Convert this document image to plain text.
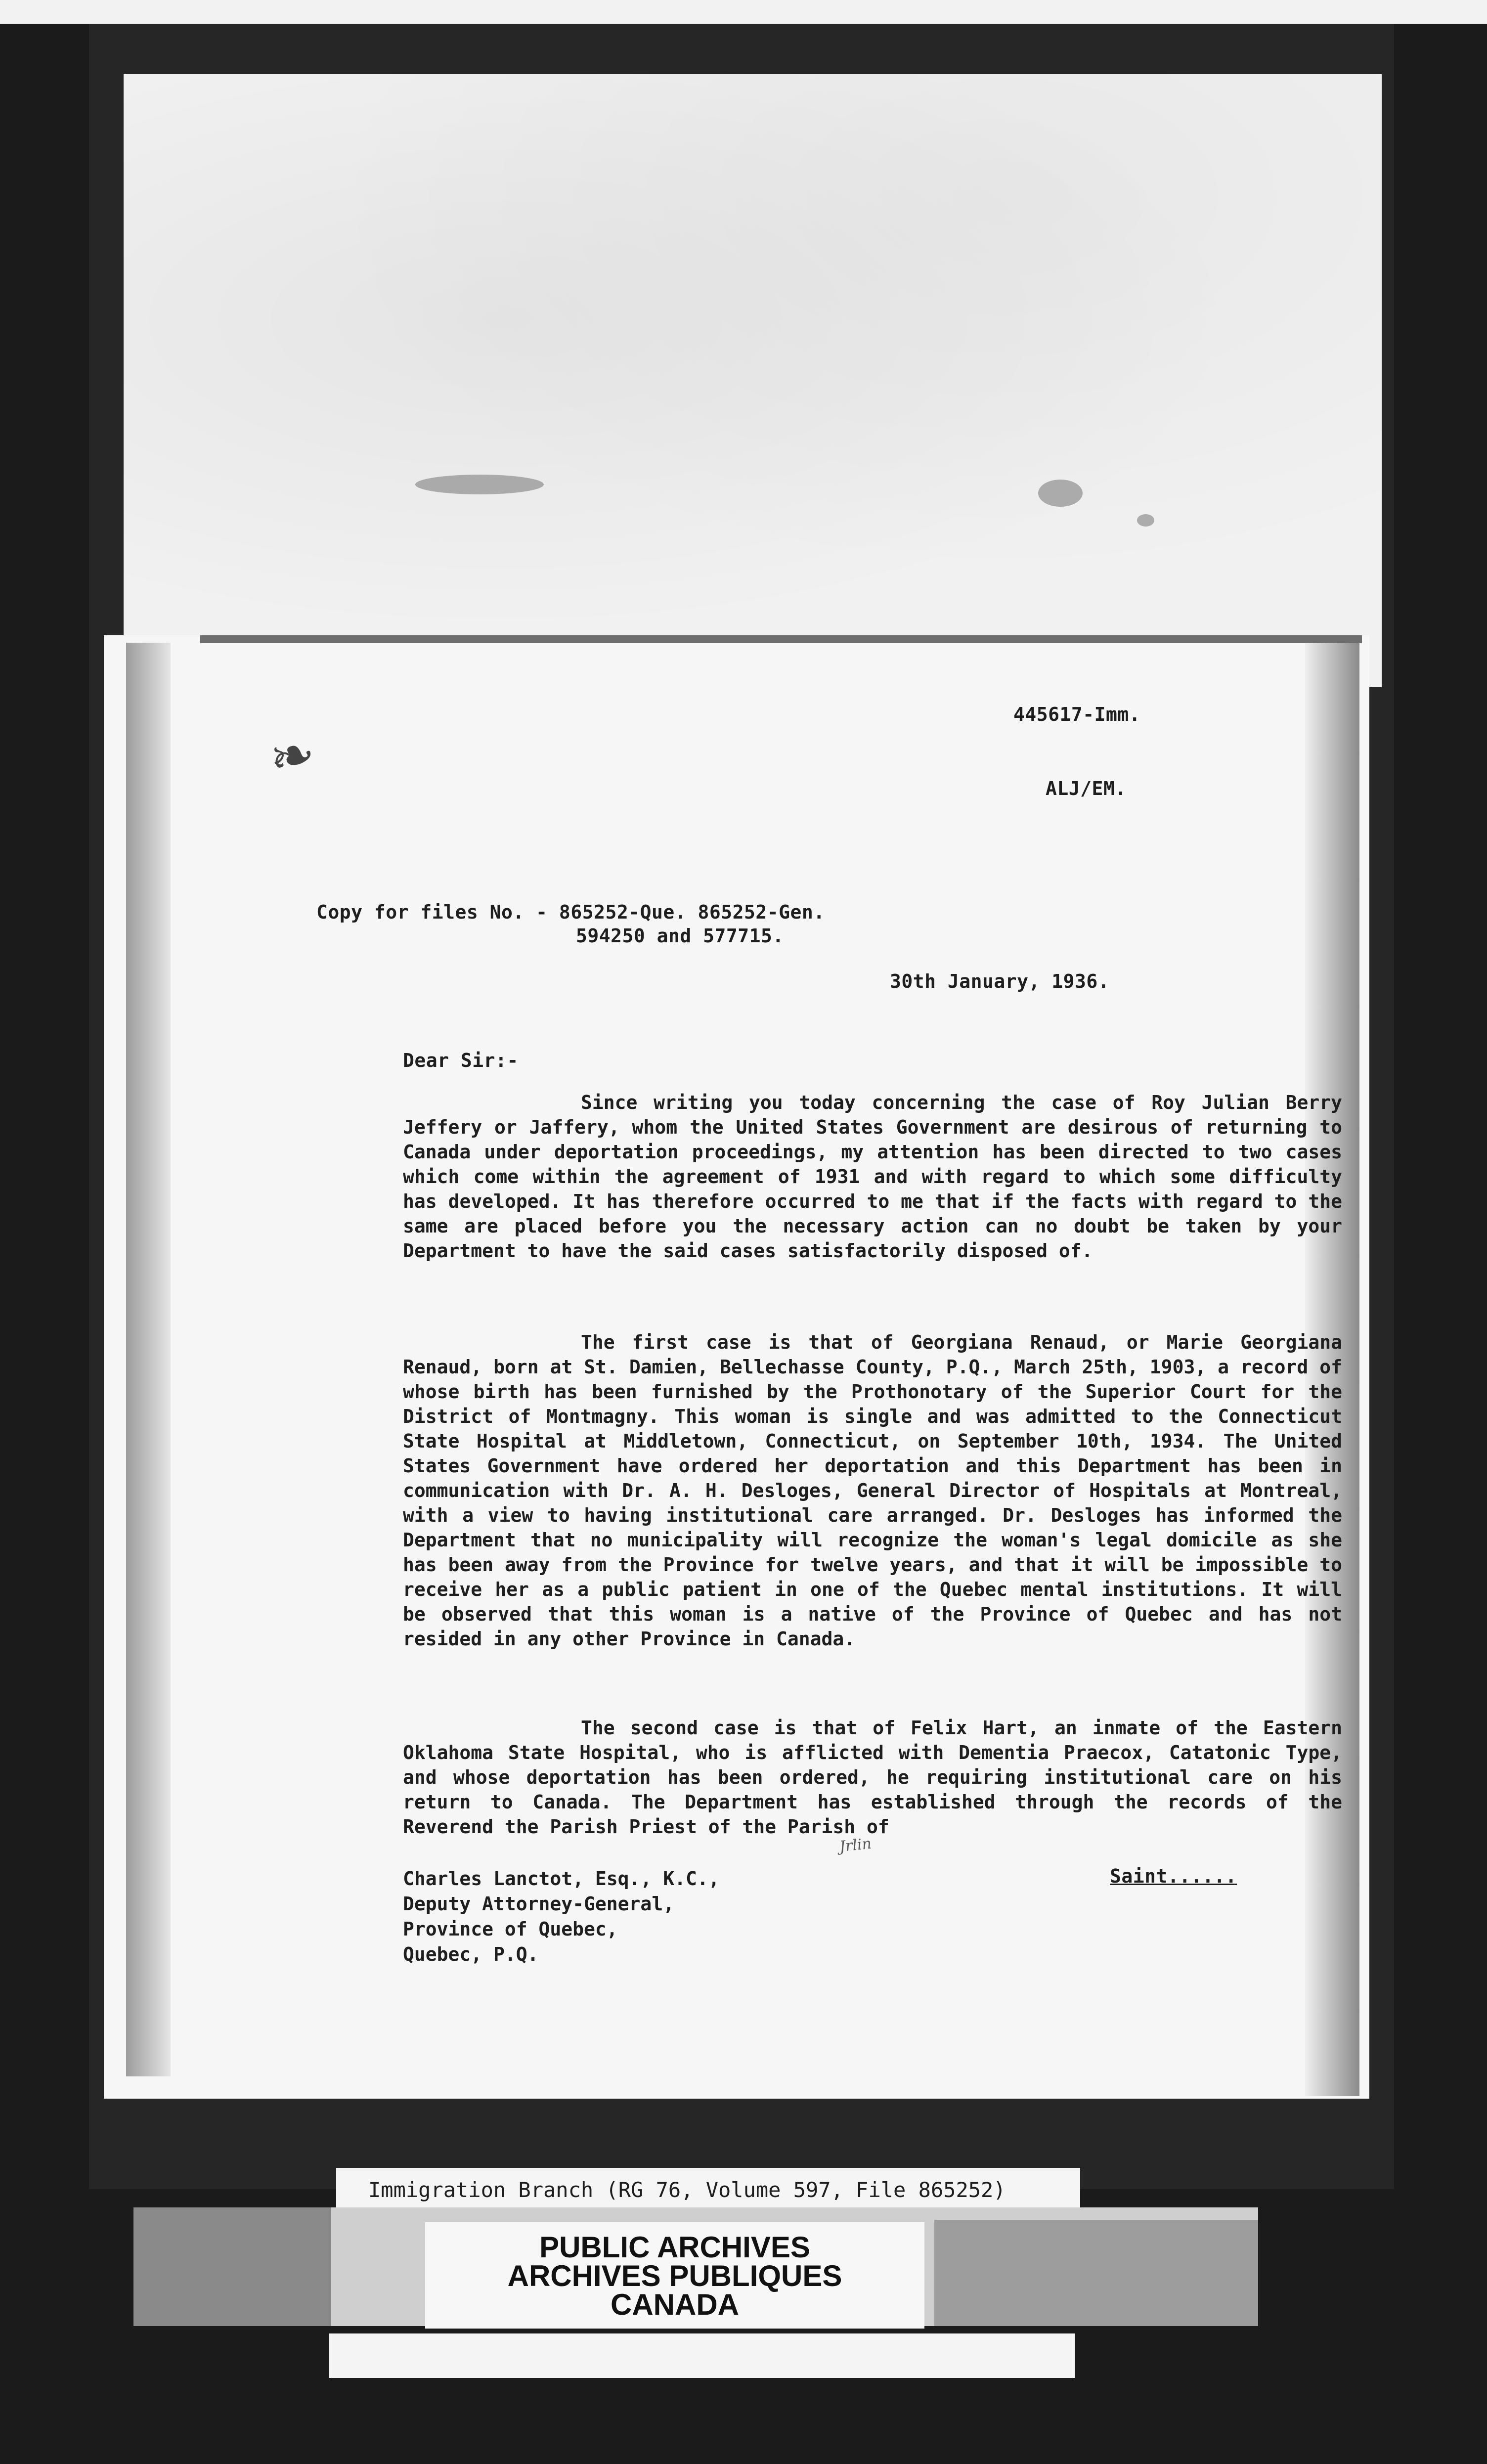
❧
445617-Imm.
ALJ/EM.
Copy for files No. - 865252-Que. 865252-Gen.
594250 and 577715.
30th January, 1936.
Dear Sir:-
Since writing you today concerning the case of Roy Julian Berry Jeffery or Jaffery, whom the United States Government are desirous of returning to Canada under deportation proceedings, my attention has been directed to two cases which come within the agreement of 1931 and with regard to which some difficulty has developed. It has therefore occurred to me that if the facts with regard to the same are placed before you the necessary action can no doubt be taken by your Department to have the said cases satisfactorily disposed of.
The first case is that of Georgiana Renaud, or Marie Georgiana Renaud, born at St. Damien, Bellechasse County, P.Q., March 25th, 1903, a record of whose birth has been furnished by the Prothonotary of the Superior Court for the District of Montmagny. This woman is single and was admitted to the Connecticut State Hospital at Middletown, Connecticut, on September 10th, 1934. The United States Government have ordered her deportation and this Department has been in communication with Dr. A. H. Desloges, General Director of Hospitals at Montreal, with a view to having institutional care arranged. Dr. Desloges has informed the Department that no municipality will recognize the woman's legal domicile as she has been away from the Province for twelve years, and that it will be impossible to receive her as a public patient in one of the Quebec mental institutions. It will be observed that this woman is a native of the Province of Quebec and has not resided in any other Province in Canada.
The second case is that of Felix Hart, an inmate of the Eastern Oklahoma State Hospital, who is afflicted with Dementia Praecox, Catatonic Type, and whose deportation has been ordered, he requiring institutional care on his return to Canada. The Department has established through the records of the Reverend the Parish Priest of the Parish of
Jrlin
Charles Lanctot, Esq., K.C.,
Deputy Attorney-General,
Province of Quebec,
Quebec, P.Q.
Saint......
Immigration Branch (RG 76, Volume 597, File 865252)
PUBLIC ARCHIVES
ARCHIVES PUBLIQUES
CANADA
